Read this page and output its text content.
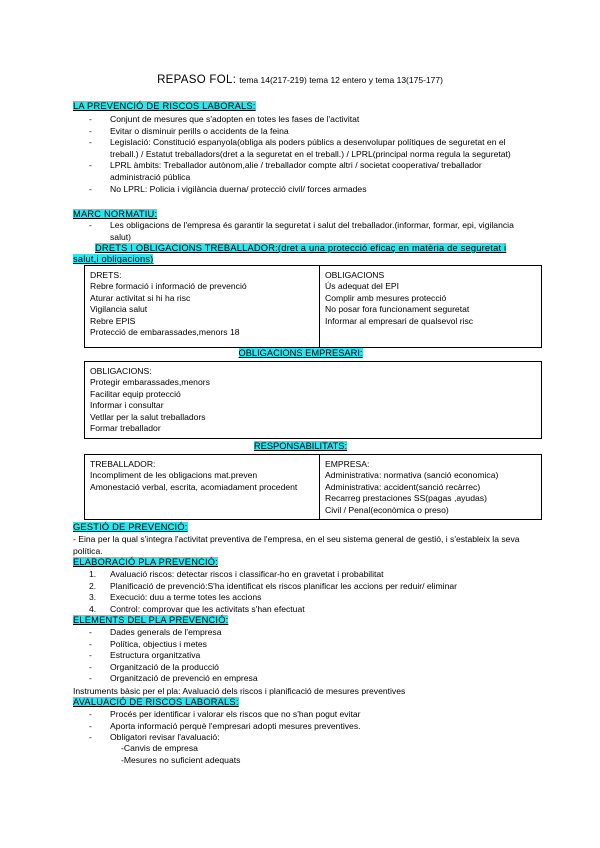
REPASO FOL: tema 14(217-219) tema 12 entero y tema 13(175-177)
LA PREVENCIÓ DE RISCOS LABORALS:
- Conjunt de mesures que s'adopten en totes les fases de l'activitat
- Evitar o disminuir perills o accidents de la feina
- Legislació: Constitució espanyola(obliga als poders públics a desenvolupar polítiques de seguretat en el treball.) / Estatut treballadors(dret a la seguretat en el treball.) / LPRL(principal norma regula la seguretat)
- LPRL àmbits: Treballador autònom,alie / treballador compte altri / societat cooperativa/ treballador administració pública
- No LPRL: Policia i vigilància duerna/ protecció civil/ forces armades
MARC NORMATIU:
- Les obligacions de l'empresa és garantir la seguretat i salut del treballador.(informar, formar, epi, vigilancia salut)
DRETS I OBLIGACIONS TREBALLADOR:(dret a una protecció eficaç en matèria de seguretat i salut,i obligacions)
DRETS:
Rebre formació i informació de prevenció
Aturar activitat si hi ha risc
Vigilancia salut
Rebre EPIS
Protecció de embarassades,menors 18
OBLIGACIONS
Ús adequat del EPI
Complir amb mesures protecció
No posar fora funcionament seguretat
Informar al empresari de qualsevol risc
OBLIGACIONS EMPRESARI:
OBLIGACIONS:
Protegir embarassades,menors
Facilitar equip protecció
Informar i consultar
Vetllar per la salut treballadors
Formar treballador
RESPONSABILITATS:
TREBALLADOR:
Incompliment de les obligacions mat.preven
Amonestació verbal, escrita, acomiadament procedent
EMPRESA:
Administrativa: normativa (sanció economica)
Administrativa: accident(sanció recàrrec)
Recarreg prestaciones SS(pagas ,ayudas)
Civil / Penal(econòmica o preso)
GESTIÓ DE PREVENCIÓ:
- Eina per la qual s'integra l'activitat preventiva de l'empresa, en el seu sistema general de gestió, i s'estableix la seva política.
ELABORACIÓ PLA PREVENCIÓ:
Avaluació riscos: detectar riscos i classificar-ho en gravetat i probabilitat
Planificació de prevenció:S'ha identificat els riscos planificar les accions per reduir/ eliminar
Execució: duu a terme totes les accions
Control: comprovar que les activitats s'han efectuat
ELEMENTS DEL PLA PREVENCIÓ:
- Dades generals de l'empresa
- Política, objectius i metes
- Estructura organitzativa
- Organització de la producció
- Organització de prevenció en empresa
Instruments bàsic per el pla: Avaluació dels riscos i planificació de mesures preventives
AVALUACIÓ DE RISCOS LABORALS:
- Procés per identificar i valorar els riscos que no s'han pogut evitar
- Aporta informació perquè l'empresari adopti mesures preventives.
- Obligatori revisar l'avaluació:
-Canvis de empresa
-Mesures no suficient adequats
